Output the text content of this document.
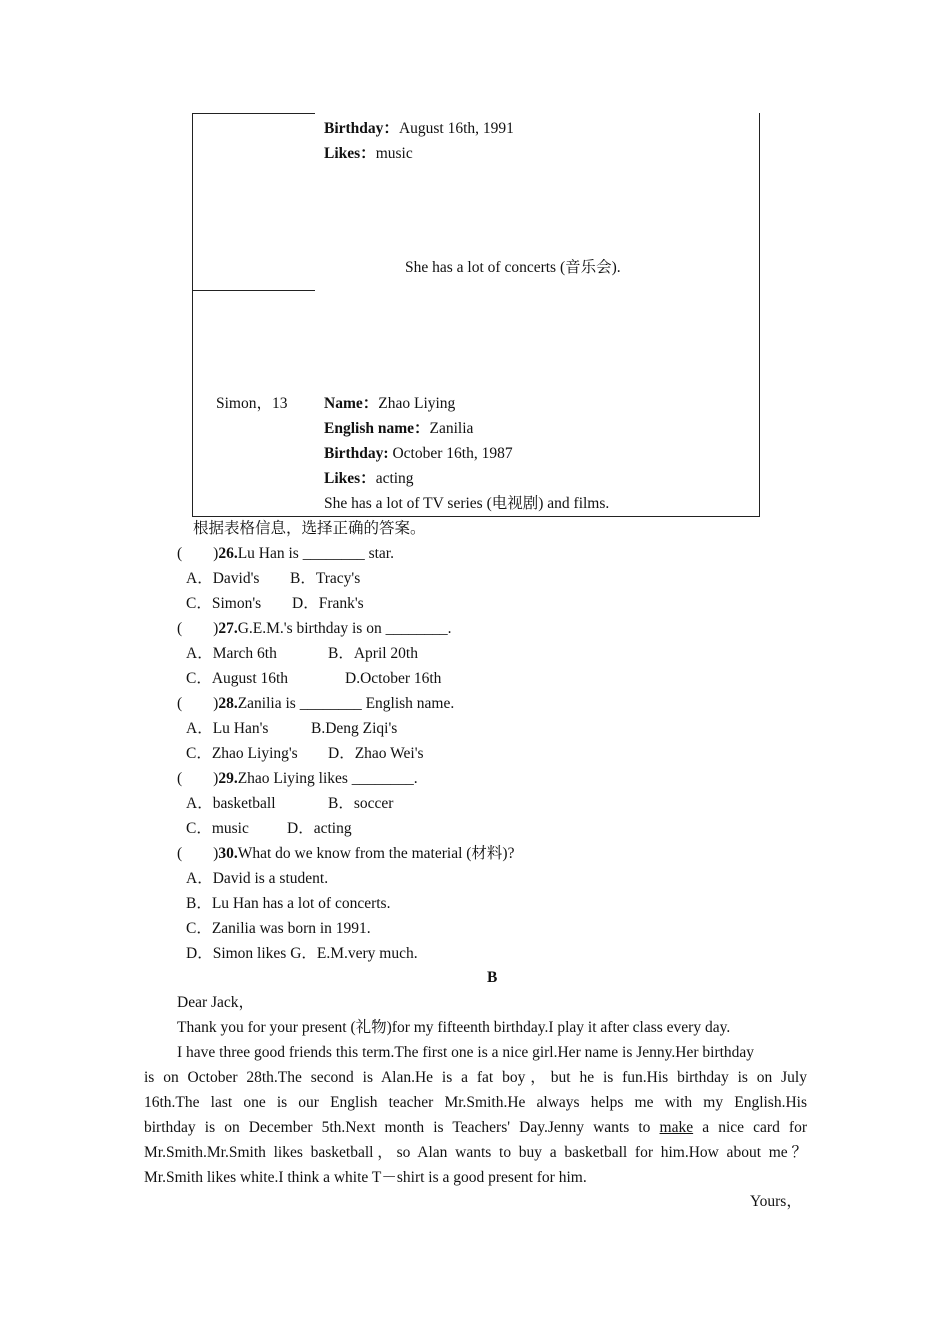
Birthday：August 16th, 1991
Likes：music
She has a lot of concerts (音乐会).
Simon，13 Name：Zhao Liying
English name：Zanilia
Birthday: October 16th, 1987
Likes：acting
She has a lot of TV series (电视剧) and films.
根据表格信息，选择正确的答案。
(　　)26.Lu Han is ________ star.
A．David's B．Tracy's
C．Simon's D．Frank's
(　　)27.G.E.M.'s birthday is on ________.
A．March 6th	B．April 20th
C．August 16th	D.October 16th
(　　)28.Zanilia is ________ English name.
A．Lu Han's	B.Deng Ziqi's
C．Zhao Liying's D．Zhao Wei's
(　　)29.Zhao Liying likes ________.
A．basketball	B．soccer
C．music D．acting
(　　)30.What do we know from the material (材料)?
A．David is a student.
B．Lu Han has a lot of concerts.
C．Zanilia was born in 1991.
D．Simon likes G．E.M.very much.
B
Dear Jack，
Thank you for your present (礼物)for my fifteenth birthday.I play it after class every day.
I have three good friends this term.The first one is a nice girl.Her name is Jenny.Her birthday
is on October 28th.The second is Alan.He is a fat boy，but he is fun.His birthday is on July
16th.The last one is our English teacher Mr.Smith.He always helps me with my English.His
birthday is on December 5th.Next month is Teachers' Day.Jenny wants to make a nice card for
Mr.Smith.Mr.Smith likes basketball，so Alan wants to buy a basketball for him.How about me？
Mr.Smith likes white.I think a white T－shirt is a good present for him.
Yours，
